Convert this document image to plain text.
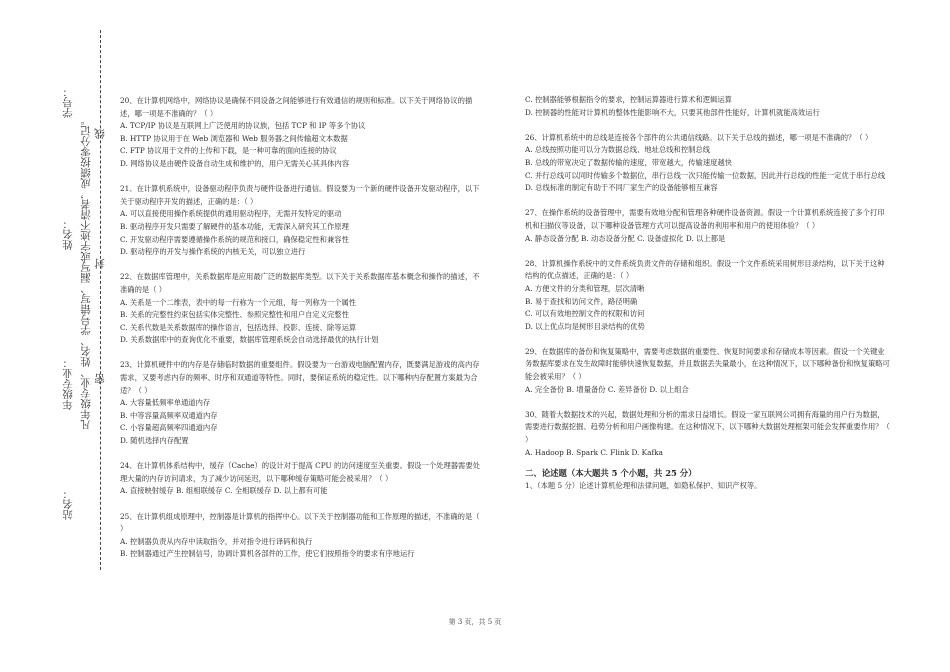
学号：
姓名：
年级专业：
站名：
凡年级专业、姓名、学号错写、漏写或字迹不清者，成绩按零分记。 线
封
密
20、在计算机网络中，网络协议是确保不同设备之间能够进行有效通信的规则和标准。以下关于网络协议的描述，哪一项是不准确的？（ ）
A. TCP/IP 协议是互联网上广泛使用的协议族，包括 TCP 和 IP 等多个协议
B. HTTP 协议用于在 Web 浏览器和 Web 服务器之间传输超文本数据
C. FTP 协议用于文件的上传和下载，是一种可靠的面向连接的协议
D. 网络协议是由硬件设备自动生成和维护的，用户无需关心其具体内容
21、在计算机系统中，设备驱动程序负责与硬件设备进行通信。假设要为一个新的硬件设备开发驱动程序，以下关于驱动程序开发的描述，正确的是：（ ）
A. 可以直接使用操作系统提供的通用驱动程序，无需开发特定的驱动
B. 驱动程序开发只需要了解硬件的基本功能，无需深入研究其工作原理
C. 开发驱动程序需要遵循操作系统的规范和接口，确保稳定性和兼容性
D. 驱动程序的开发与操作系统的内核无关，可以独立进行
22、在数据库管理中，关系数据库是应用最广泛的数据库类型。以下关于关系数据库基本概念和操作的描述，不准确的是（ ）
A. 关系是一个二维表，表中的每一行称为一个元组，每一列称为一个属性
B. 关系的完整性约束包括实体完整性、参照完整性和用户自定义完整性
C. 关系代数是关系数据库的操作语言，包括选择、投影、连接、除等运算
D. 关系数据库中的查询优化不重要，数据库管理系统会自动选择最优的执行计划
23、计算机硬件中的内存是存储临时数据的重要组件。假设要为一台游戏电脑配置内存，既要满足游戏的高内存需求，又要考虑内存的频率、时序和双通道等特性。同时，要保证系统的稳定性。以下哪种内存配置方案最为合适？（ ）
A. 大容量低频率单通道内存
B. 中等容量高频率双通道内存
C. 小容量超高频率四通道内存
D. 随机选择内存配置
24、在计算机体系结构中，缓存（Cache）的设计对于提高 CPU 的访问速度至关重要。假设一个处理器需要处理大量的内存访问请求，为了减少访问延迟，以下哪种缓存策略可能会被采用？（ ）
A. 直接映射缓存 B. 组相联缓存 C. 全相联缓存 D. 以上都有可能
25、在计算机组成原理中，控制器是计算机的指挥中心。以下关于控制器功能和工作原理的描述，不准确的是（ ）
A. 控制器负责从内存中读取指令，并对指令进行译码和执行
B. 控制器通过产生控制信号，协调计算机各部件的工作，使它们按照指令的要求有序地运行
C. 控制器能够根据指令的要求，控制运算器进行算术和逻辑运算
D. 控制器的性能对计算机的整体性能影响不大，只要其他部件性能好，计算机就能高效运行
26、计算机系统中的总线是连接各个部件的公共通信线路。以下关于总线的描述，哪一项是不准确的？（ ）
A. 总线按照功能可以分为数据总线、地址总线和控制总线
B. 总线的带宽决定了数据传输的速度，带宽越大，传输速度越快
C. 并行总线可以同时传输多个数据位，串行总线一次只能传输一位数据，因此并行总线的性能一定优于串行总线
D. 总线标准的制定有助于不同厂家生产的设备能够相互兼容
27、在操作系统的设备管理中，需要有效地分配和管理各种硬件设备资源。假设一个计算机系统连接了多个打印机和扫描仪等设备，以下哪种设备管理方式可以提高设备的利用率和用户的使用体验？（ ）
A. 静态设备分配 B. 动态设备分配 C. 设备虚拟化 D. 以上都是
28、计算机操作系统中的文件系统负责文件的存储和组织。假设一个文件系统采用树形目录结构，以下关于这种结构的优点描述，正确的是：（ ）
A. 方便文件的分类和管理，层次清晰
B. 易于查找和访问文件，路径明确
C. 可以有效地控制文件的权限和访问
D. 以上优点均是树形目录结构的优势
29、在数据库的备份和恢复策略中，需要考虑数据的重要性、恢复时间要求和存储成本等因素。假设一个关键业务数据库要求在发生故障时能够快速恢复数据，并且数据丢失量最小，在这种情况下，以下哪种备份和恢复策略可能会被采用？（ ）
A. 完全备份 B. 增量备份 C. 差异备份 D. 以上组合
30、随着大数据技术的兴起，数据处理和分析的需求日益增长。假设一家互联网公司拥有海量的用户行为数据，需要进行数据挖掘、趋势分析和用户画像构建。在这种情况下，以下哪种大数据处理框架可能会发挥重要作用？（ ）
A. Hadoop B. Spark C. Flink D. Kafka
二、论述题（本大题共 5 个小题，共 25 分）
1、（本题 5 分）论述计算机伦理和法律问题，如隐私保护、知识产权等。
第 3 页，共 5 页
